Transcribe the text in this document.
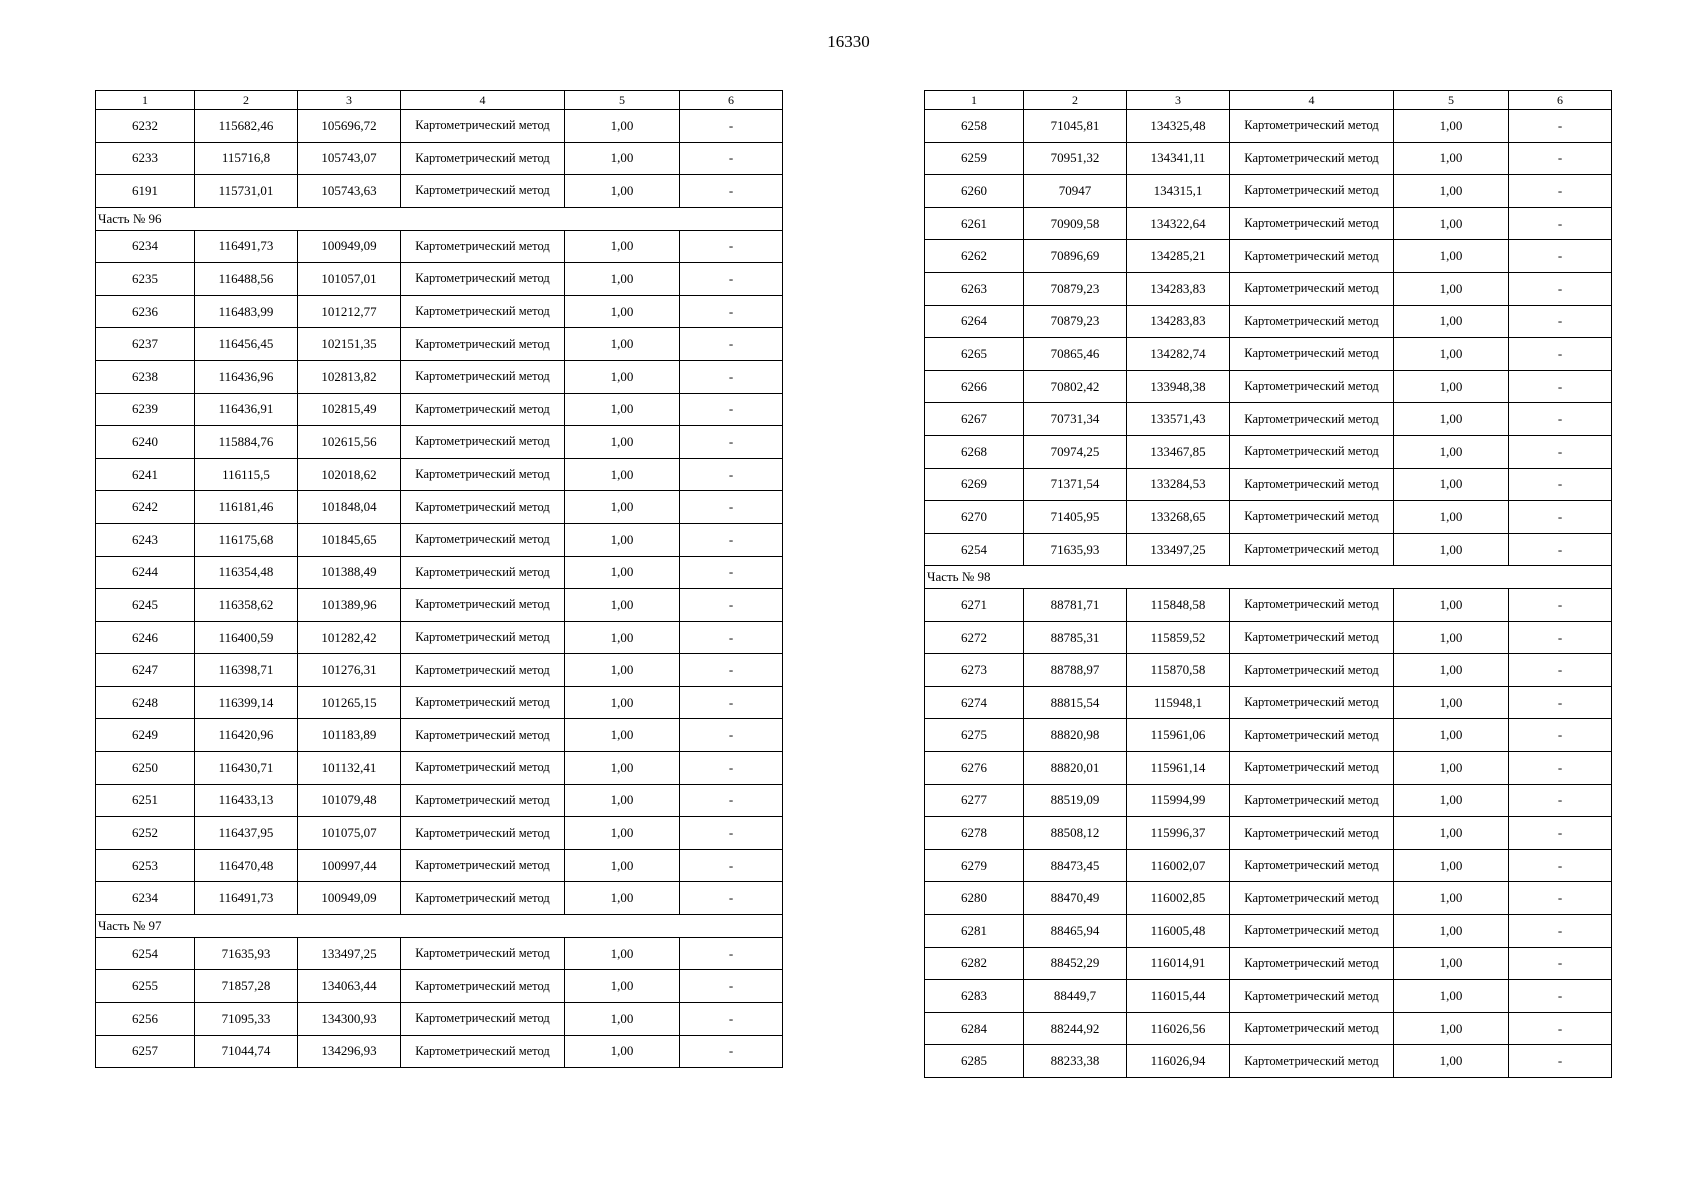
16330
1	2	3	4	5	6
6232	115682,46	105696,72	Картометрический метод	1,00	-
6233	115716,8	105743,07	Картометрический метод	1,00	-
6191	115731,01	105743,63	Картометрический метод	1,00	-
Часть № 96					
6234	116491,73	100949,09	Картометрический метод	1,00	-
6235	116488,56	101057,01	Картометрический метод	1,00	-
6236	116483,99	101212,77	Картометрический метод	1,00	-
6237	116456,45	102151,35	Картометрический метод	1,00	-
6238	116436,96	102813,82	Картометрический метод	1,00	-
6239	116436,91	102815,49	Картометрический метод	1,00	-
6240	115884,76	102615,56	Картометрический метод	1,00	-
6241	116115,5	102018,62	Картометрический метод	1,00	-
6242	116181,46	101848,04	Картометрический метод	1,00	-
6243	116175,68	101845,65	Картометрический метод	1,00	-
6244	116354,48	101388,49	Картометрический метод	1,00	-
6245	116358,62	101389,96	Картометрический метод	1,00	-
6246	116400,59	101282,42	Картометрический метод	1,00	-
6247	116398,71	101276,31	Картометрический метод	1,00	-
6248	116399,14	101265,15	Картометрический метод	1,00	-
6249	116420,96	101183,89	Картометрический метод	1,00	-
6250	116430,71	101132,41	Картометрический метод	1,00	-
6251	116433,13	101079,48	Картометрический метод	1,00	-
6252	116437,95	101075,07	Картометрический метод	1,00	-
6253	116470,48	100997,44	Картометрический метод	1,00	-
6234	116491,73	100949,09	Картометрический метод	1,00	-
Часть № 97					
6254	71635,93	133497,25	Картометрический метод	1,00	-
6255	71857,28	134063,44	Картометрический метод	1,00	-
6256	71095,33	134300,93	Картометрический метод	1,00	-
6257	71044,74	134296,93	Картометрический метод	1,00	-
1	2	3	4	5	6
6258	71045,81	134325,48	Картометрический метод	1,00	-
6259	70951,32	134341,11	Картометрический метод	1,00	-
6260	70947	134315,1	Картометрический метод	1,00	-
6261	70909,58	134322,64	Картометрический метод	1,00	-
6262	70896,69	134285,21	Картометрический метод	1,00	-
6263	70879,23	134283,83	Картометрический метод	1,00	-
6264	70879,23	134283,83	Картометрический метод	1,00	-
6265	70865,46	134282,74	Картометрический метод	1,00	-
6266	70802,42	133948,38	Картометрический метод	1,00	-
6267	70731,34	133571,43	Картометрический метод	1,00	-
6268	70974,25	133467,85	Картометрический метод	1,00	-
6269	71371,54	133284,53	Картометрический метод	1,00	-
6270	71405,95	133268,65	Картометрический метод	1,00	-
6254	71635,93	133497,25	Картометрический метод	1,00	-
Часть № 98					
6271	88781,71	115848,58	Картометрический метод	1,00	-
6272	88785,31	115859,52	Картометрический метод	1,00	-
6273	88788,97	115870,58	Картометрический метод	1,00	-
6274	88815,54	115948,1	Картометрический метод	1,00	-
6275	88820,98	115961,06	Картометрический метод	1,00	-
6276	88820,01	115961,14	Картометрический метод	1,00	-
6277	88519,09	115994,99	Картометрический метод	1,00	-
6278	88508,12	115996,37	Картометрический метод	1,00	-
6279	88473,45	116002,07	Картометрический метод	1,00	-
6280	88470,49	116002,85	Картометрический метод	1,00	-
6281	88465,94	116005,48	Картометрический метод	1,00	-
6282	88452,29	116014,91	Картометрический метод	1,00	-
6283	88449,7	116015,44	Картометрический метод	1,00	-
6284	88244,92	116026,56	Картометрический метод	1,00	-
6285	88233,38	116026,94	Картометрический метод	1,00	-
